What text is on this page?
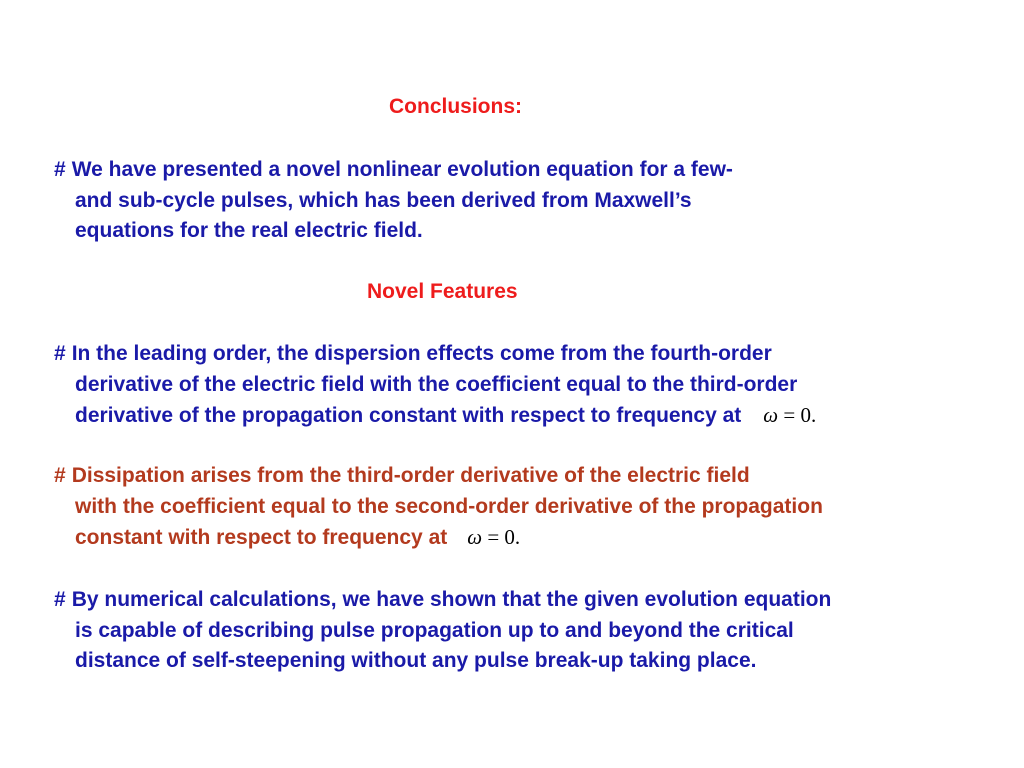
Conclusions:
# We have presented a novel nonlinear evolution equation for a few-
and sub-cycle pulses, which has been derived from Maxwell’s
equations for the real electric field.
Novel Features
# In the leading order, the dispersion effects come from the fourth-order
derivative of the electric field with the coefficient equal to the third-order
derivative of the propagation constant with respect to frequency at ω = 0.
# Dissipation arises from the third-order derivative of the electric field
with the coefficient equal to the second-order derivative of the propagation
constant with respect to frequency at ω = 0.
# By numerical calculations, we have shown that the given evolution equation
is capable of describing pulse propagation up to and beyond the critical
distance of self-steepening without any pulse break-up taking place.
